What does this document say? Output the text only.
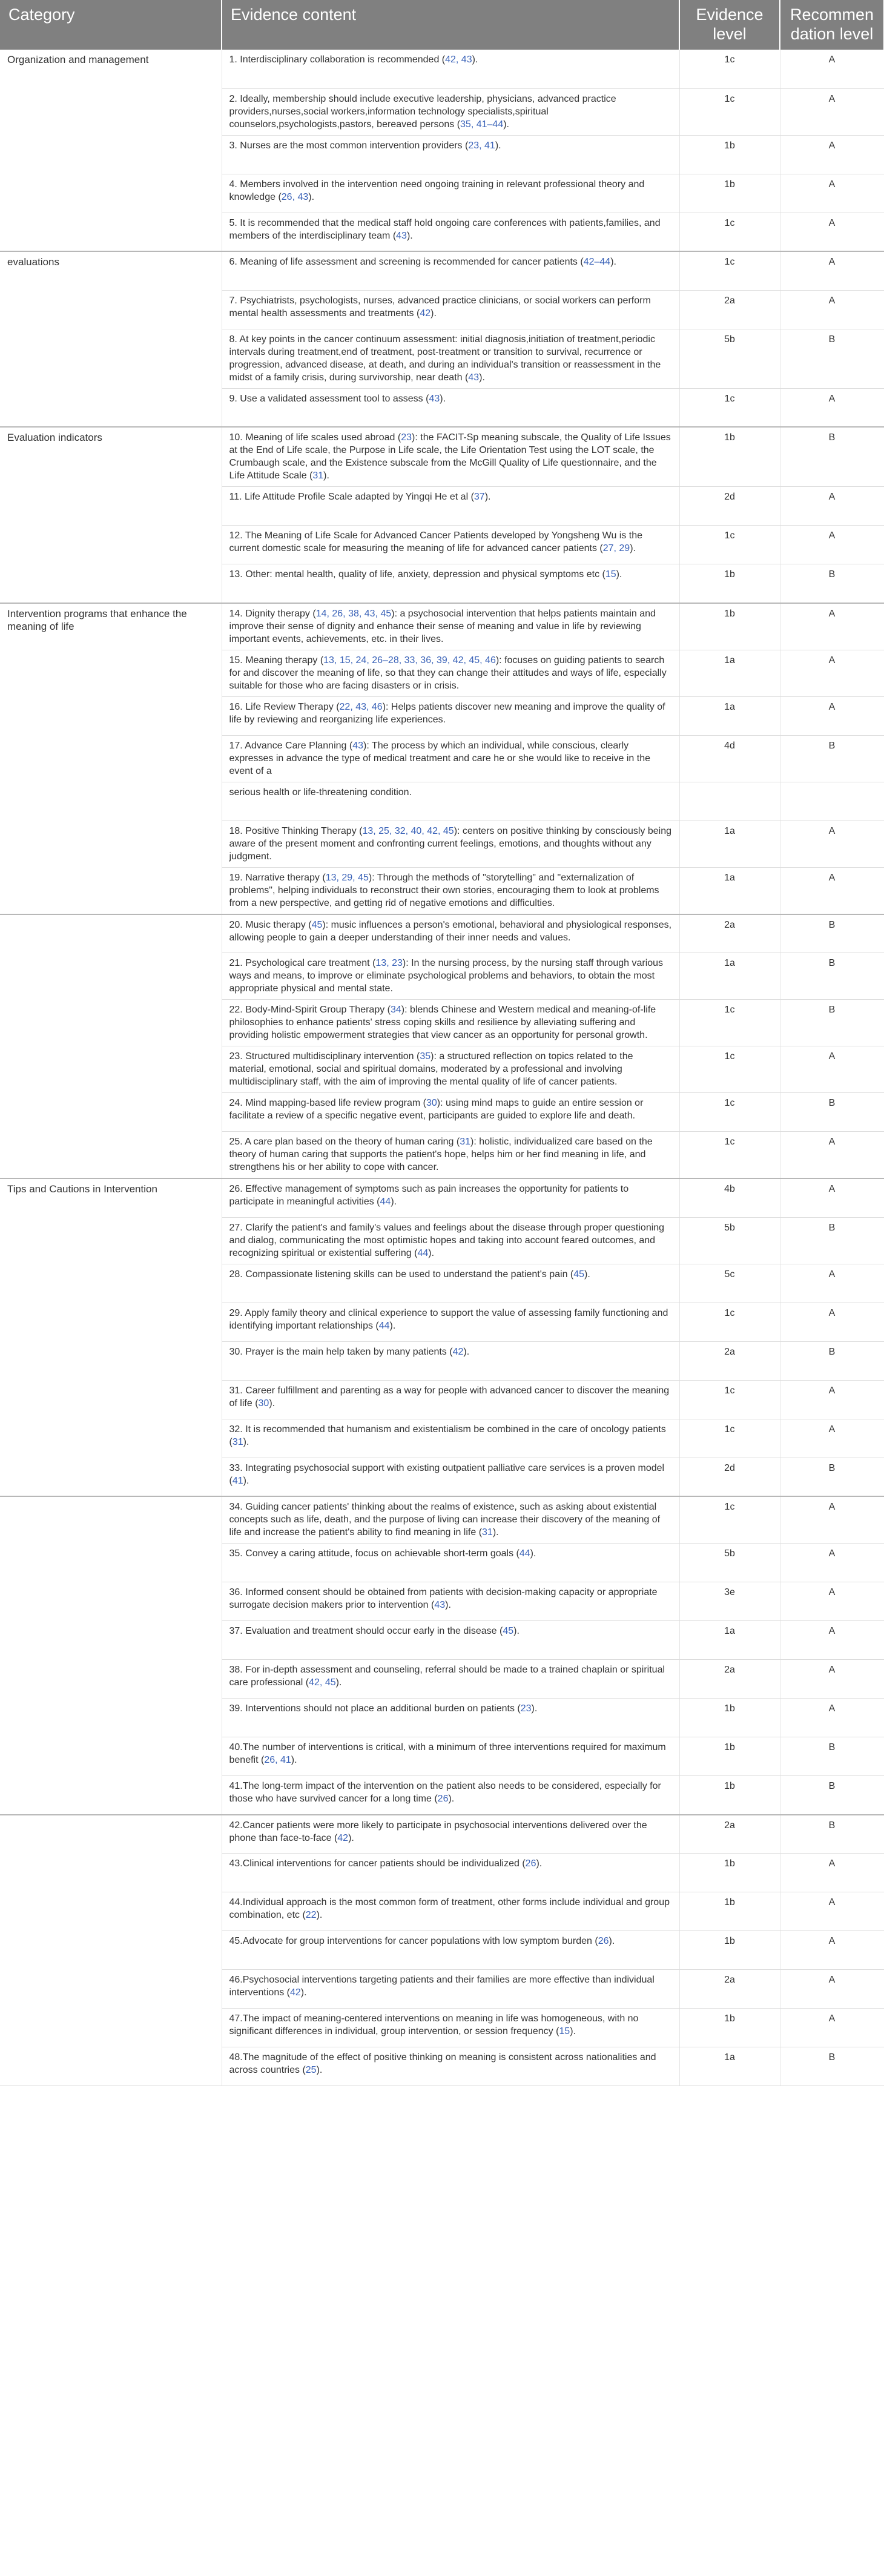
Category	Evidence content	Evidence level	Recommen dation level
Organization and management	1. Interdisciplinary collaboration is recommended (42, 43).	1c	A
	2. Ideally, membership should include executive leadership, physicians, advanced practice providers,nurses,social workers,information technology specialists,spiritual counselors,psychologists,pastors, bereaved persons (35, 41–44).	1c	A
	3. Nurses are the most common intervention providers (23, 41).	1b	A
	4. Members involved in the intervention need ongoing training in relevant professional theory and knowledge (26, 43).	1b	A
	5. It is recommended that the medical staff hold ongoing care conferences with patients,families, and members of the interdisciplinary team (43).	1c	A
evaluations	6. Meaning of life assessment and screening is recommended for cancer patients (42–44).	1c	A
	7. Psychiatrists, psychologists, nurses, advanced practice clinicians, or social workers can perform mental health assessments and treatments (42).	2a	A
	8. At key points in the cancer continuum assessment: initial diagnosis,initiation of treatment,periodic intervals during treatment,end of treatment, post-treatment or transition to survival, recurrence or progression, advanced disease, at death, and during an individual's transition or reassessment in the midst of a family crisis, during survivorship, near death (43).	5b	B
	9. Use a validated assessment tool to assess (43).	1c	A
Evaluation indicators	10. Meaning of life scales used abroad (23): the FACIT-Sp meaning subscale, the Quality of Life Issues at the End of Life scale, the Purpose in Life scale, the Life Orientation Test using the LOT scale, the Crumbaugh scale, and the Existence subscale from the McGill Quality of Life questionnaire, and the Life Attitude Scale (31).	1b	B
	11. Life Attitude Profile Scale adapted by Yingqi He et al (37).	2d	A
	12. The Meaning of Life Scale for Advanced Cancer Patients developed by Yongsheng Wu is the current domestic scale for measuring the meaning of life for advanced cancer patients (27, 29).	1c	A
	13. Other: mental health, quality of life, anxiety, depression and physical symptoms etc (15).	1b	B
Intervention programs that enhance the meaning of life	14. Dignity therapy (14, 26, 38, 43, 45): a psychosocial intervention that helps patients maintain and improve their sense of dignity and enhance their sense of meaning and value in life by reviewing important events, achievements, etc. in their lives.	1b	A
	15. Meaning therapy (13, 15, 24, 26–28, 33, 36, 39, 42, 45, 46): focuses on guiding patients to search for and discover the meaning of life, so that they can change their attitudes and ways of life, especially suitable for those who are facing disasters or in crisis.	1a	A
	16. Life Review Therapy (22, 43, 46): Helps patients discover new meaning and improve the quality of life by reviewing and reorganizing life experiences.	1a	A
	17. Advance Care Planning (43): The process by which an individual, while conscious, clearly expresses in advance the type of medical treatment and care he or she would like to receive in the event of a	4d	B
	serious health or life-threatening condition.		
	18. Positive Thinking Therapy (13, 25, 32, 40, 42, 45): centers on positive thinking by consciously being aware of the present moment and confronting current feelings, emotions, and thoughts without any judgment.	1a	A
	19. Narrative therapy (13, 29, 45): Through the methods of "storytelling" and "externalization of problems", helping individuals to reconstruct their own stories, encouraging them to look at problems from a new perspective, and getting rid of negative emotions and difficulties.	1a	A
	20. Music therapy (45): music influences a person's emotional, behavioral and physiological responses, allowing people to gain a deeper understanding of their inner needs and values.	2a	B
	21. Psychological care treatment (13, 23): In the nursing process, by the nursing staff through various ways and means, to improve or eliminate psychological problems and behaviors, to obtain the most appropriate physical and mental state.	1a	B
	22. Body-Mind-Spirit Group Therapy (34): blends Chinese and Western medical and meaning-of-life philosophies to enhance patients' stress coping skills and resilience by alleviating suffering and providing holistic empowerment strategies that view cancer as an opportunity for personal growth.	1c	B
	23. Structured multidisciplinary intervention (35): a structured reflection on topics related to the material, emotional, social and spiritual domains, moderated by a professional and involving multidisciplinary staff, with the aim of improving the mental quality of life of cancer patients.	1c	A
	24. Mind mapping-based life review program (30): using mind maps to guide an entire session or facilitate a review of a specific negative event, participants are guided to explore life and death.	1c	B
	25. A care plan based on the theory of human caring (31): holistic, individualized care based on the theory of human caring that supports the patient's hope, helps him or her find meaning in life, and strengthens his or her ability to cope with cancer.	1c	A
Tips and Cautions in Intervention	26. Effective management of symptoms such as pain increases the opportunity for patients to participate in meaningful activities (44).	4b	A
	27. Clarify the patient's and family's values and feelings about the disease through proper questioning and dialog, communicating the most optimistic hopes and taking into account feared outcomes, and recognizing spiritual or existential suffering (44).	5b	B
	28. Compassionate listening skills can be used to understand the patient's pain (45).	5c	A
	29. Apply family theory and clinical experience to support the value of assessing family functioning and identifying important relationships (44).	1c	A
	30. Prayer is the main help taken by many patients (42).	2a	B
	31. Career fulfillment and parenting as a way for people with advanced cancer to discover the meaning of life (30).	1c	A
	32. It is recommended that humanism and existentialism be combined in the care of oncology patients (31).	1c	A
	33. Integrating psychosocial support with existing outpatient palliative care services is a proven model (41).	2d	B
	34. Guiding cancer patients' thinking about the realms of existence, such as asking about existential concepts such as life, death, and the purpose of living can increase their discovery of the meaning of life and increase the patient's ability to find meaning in life (31).	1c	A
	35. Convey a caring attitude, focus on achievable short-term goals (44).	5b	A
	36. Informed consent should be obtained from patients with decision-making capacity or appropriate surrogate decision makers prior to intervention (43).	3e	A
	37. Evaluation and treatment should occur early in the disease (45).	1a	A
	38. For in-depth assessment and counseling, referral should be made to a trained chaplain or spiritual care professional (42, 45).	2a	A
	39. Interventions should not place an additional burden on patients (23).	1b	A
	40.The number of interventions is critical, with a minimum of three interventions required for maximum benefit (26, 41).	1b	B
	41.The long-term impact of the intervention on the patient also needs to be considered, especially for those who have survived cancer for a long time (26).	1b	B
	42.Cancer patients were more likely to participate in psychosocial interventions delivered over the phone than face-to-face (42).	2a	B
	43.Clinical interventions for cancer patients should be individualized (26).	1b	A
	44.Individual approach is the most common form of treatment, other forms include individual and group combination, etc (22).	1b	A
	45.Advocate for group interventions for cancer populations with low symptom burden (26).	1b	A
	46.Psychosocial interventions targeting patients and their families are more effective than individual interventions (42).	2a	A
	47.The impact of meaning-centered interventions on meaning in life was homogeneous, with no significant differences in individual, group intervention, or session frequency (15).	1b	A
	48.The magnitude of the effect of positive thinking on meaning is consistent across nationalities and across countries (25).	1a	B
